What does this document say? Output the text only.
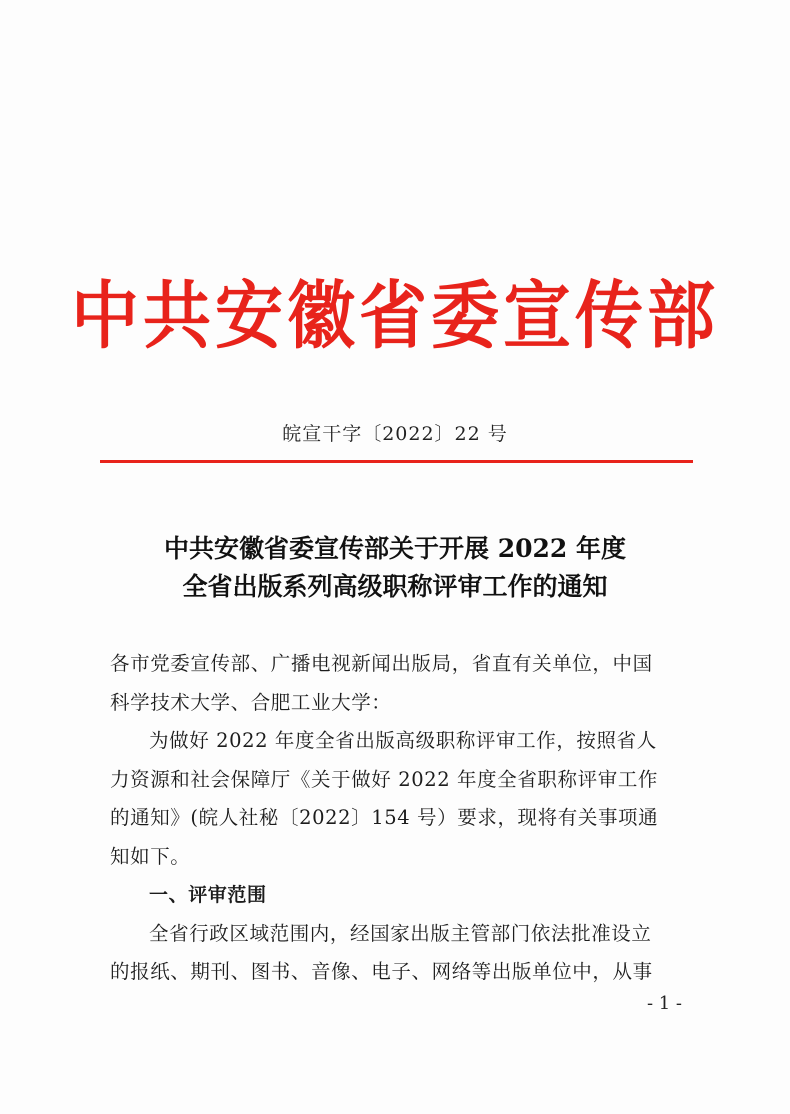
中共安徽省委宣传部
皖宣干字〔2022〕22 号
中共安徽省委宣传部关于开展 2022 年度
全省出版系列高级职称评审工作的通知

各市党委宣传部、广播电视新闻出版局，省直有关单位，中国

科学技术大学、合肥工业大学：

为做好 2022 年度全省出版高级职称评审工作，按照省人

力资源和社会保障厅《关于做好 2022 年度全省职称评审工作

的通知》(皖人社秘〔2022〕154 号）要求，现将有关事项通

知如下。

一、评审范围

全省行政区域范围内，经国家出版主管部门依法批准设立

的报纸、期刊、图书、音像、电子、网络等出版单位中，从事

- 1 -
